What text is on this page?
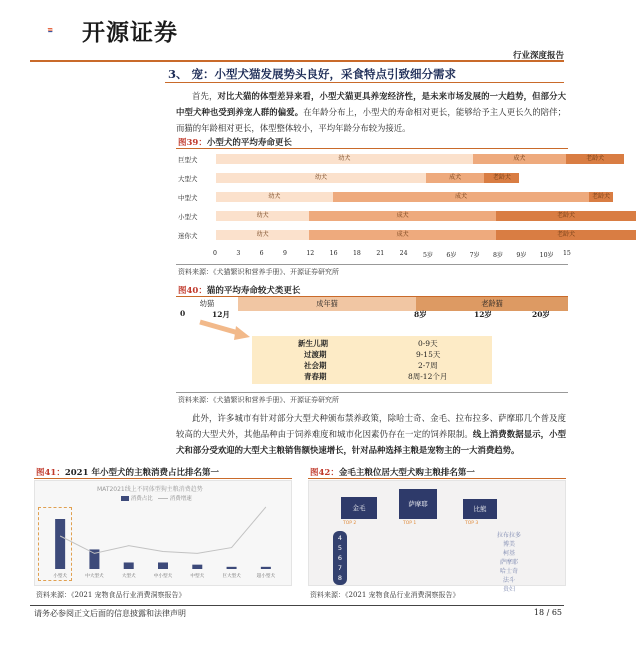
开源证券
行业深度报告
3、 宠：小型犬猫发展势头良好，采食特点引致细分需求
首先，对比犬猫的体型差异来看，小型犬猫更具养宠经济性，是未来市场发展的一大趋势，但部分大中型犬种也受到养宠人群的偏爱。在年龄分布上，小型犬的寿命相对更长，能够给予主人更长久的陪伴；而猫的年龄相对更长，体型整体较小，平均年龄分布较为接近。
图39：小型犬的平均寿命更长
巨型犬	幼犬	成犬	老龄犬
大型犬	幼犬	成犬	老龄犬
中型犬	幼犬	成犬	老龄犬
小型犬	幼犬	成犬	老龄犬
迷你犬	幼犬	成犬	老龄犬
0	3	6	9	12 16 18 21 24 5岁 6岁 7岁 8岁 9岁 10岁 15
资料来源：《犬猫繁识和营养手册》、开源证券研究所
图40：猫的平均寿命较犬类更长
幼猫	成年猫	老龄猫
0	12月	8岁	12岁	20岁
新生儿期	0-9天
过渡期	9-15天
社会期	2-7周
青春期	8周-12个月
资料来源：《犬猫繁识和营养手册》、开源证券研究所
此外，许多城市有针对部分大型犬种颁布禁养政策，除哈士奇、金毛、拉布拉多、萨摩耶几个普及度较高的大型犬外，其他品种由于饲养难度和城市化因素仍存在一定的饲养限制。线上消费数据显示，小型犬和部分受欢迎的大型犬主粮销售额快速增长，针对品种选择主粮是宠物主的一大消费趋势。
图41：2021 年小型犬的主粮消费占比排名第一
MAT2021线上不同体型狗主粮消费趋势
消费占比	消费增速
小型犬	中大型犬	大型犬	中小型犬	中型犬	巨大型犬	超小型犬
资料来源：《2021 宠物食品行业消费洞察报告》
图42：金毛主粮位居大型犬购主粮排名第一
金毛	萨摩耶
比熊
TOP 2	TOP 1	TOP 3
4
5
6
7
8
拉布拉多
博美
柯基
萨摩耶
哈士奇
法斗
贵妇
资料来源：《2021 宠物食品行业消费洞察报告》
请务必参阅正文后面的信息披露和法律声明	18 / 65
